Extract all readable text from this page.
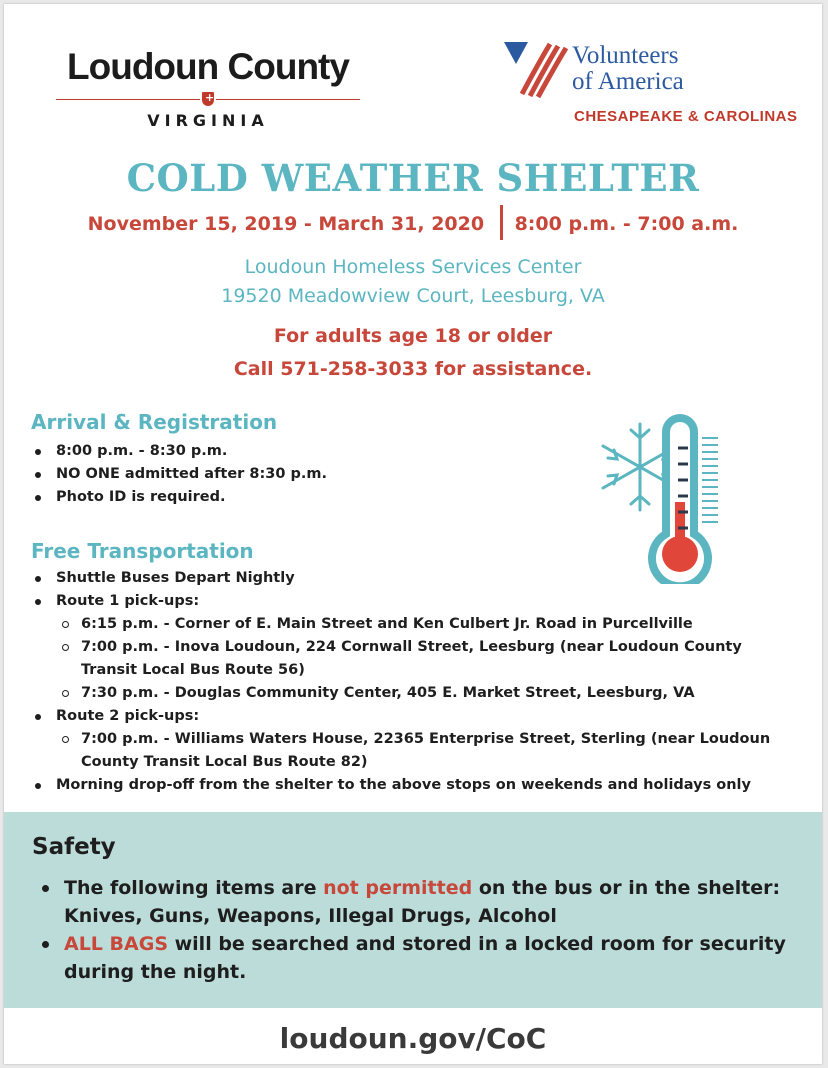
Loudoun County
+
VIRGINIA
Volunteers
of America
CHESAPEAKE & CAROLINAS
COLD WEATHER SHELTER
November 15, 2019 - March 31, 2020 8:00 p.m. - 7:00 a.m.
Loudoun Homeless Services Center
19520 Meadowview Court, Leesburg, VA
For adults age 18 or older
Call 571-258-3033 for assistance.
Arrival & Registration
8:00 p.m. - 8:30 p.m.
NO ONE admitted after 8:30 p.m.
Photo ID is required.
Free Transportation
Shuttle Buses Depart Nightly
Route 1 pick-ups:
6:15 p.m. - Corner of E. Main Street and Ken Culbert Jr. Road in Purcellville
7:00 p.m. - Inova Loudoun, 224 Cornwall Street, Leesburg (near Loudoun County Transit Local Bus Route 56)
7:30 p.m. - Douglas Community Center, 405 E. Market Street, Leesburg, VA
Route 2 pick-ups:
7:00 p.m. - Williams Waters House, 22365 Enterprise Street, Sterling (near Loudoun County Transit Local Bus Route 82)
Morning drop-off from the shelter to the above stops on weekends and holidays only
Safety
The following items are not permitted on the bus or in the shelter: Knives, Guns, Weapons, Illegal Drugs, Alcohol
ALL BAGS will be searched and stored in a locked room for security during the night.
loudoun.gov/CoC
